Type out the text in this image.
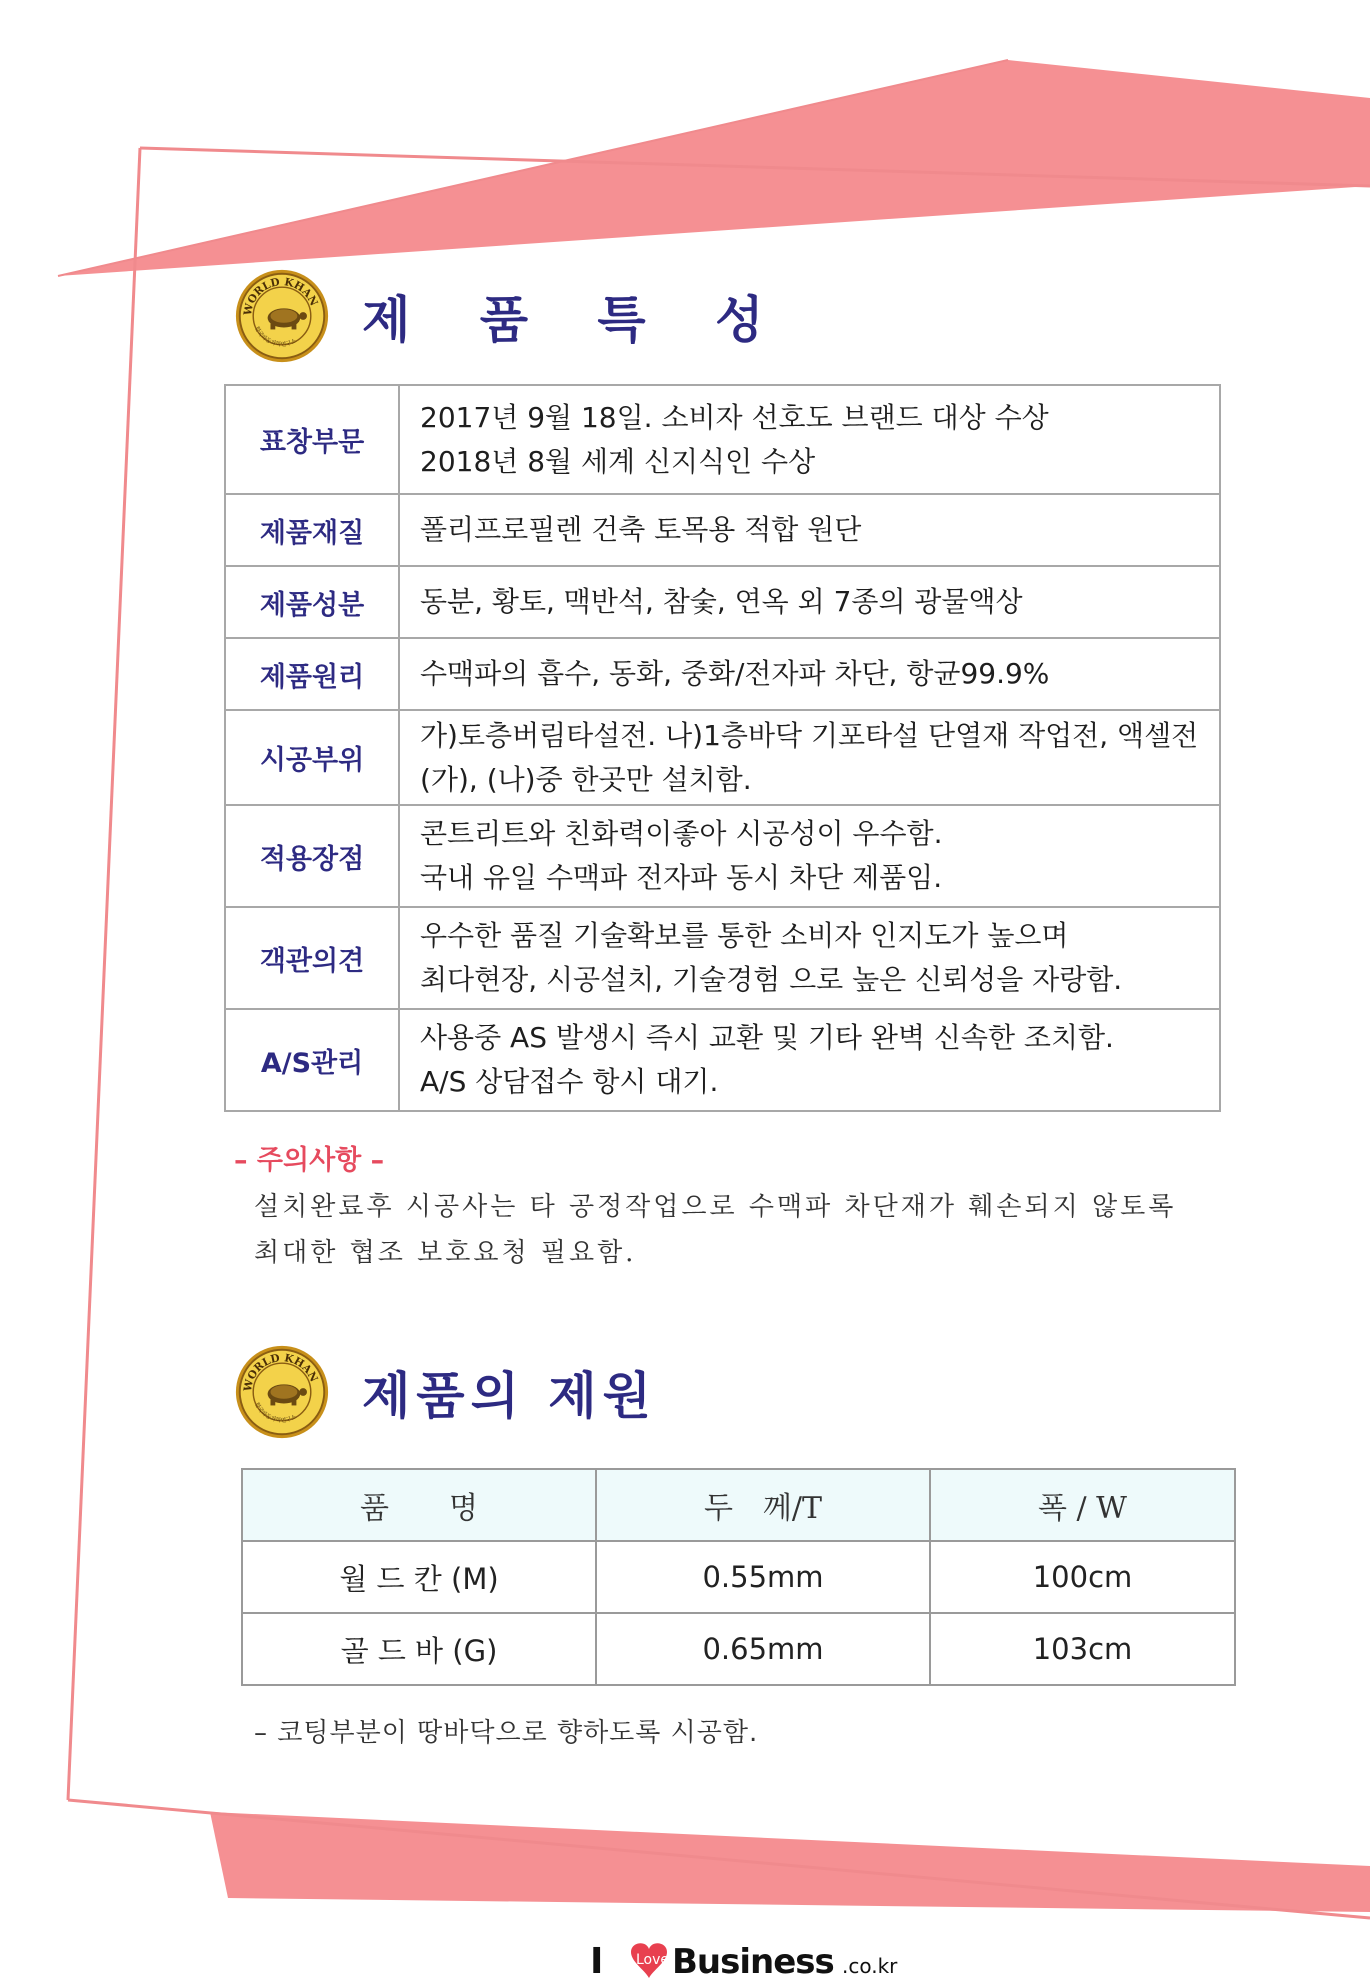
WORLD KHAN
한국파동과학연구소 제 품 특 성
표창부문	2017년 9월 18일. 소비자 선호도 브랜드 대상 수상
2018년 8월 세계 신지식인 수상

제품재질	폴리프로필렌 건축 토목용 적합 원단

제품성분	동분, 황토, 맥반석, 참숯, 연옥 외 7종의 광물액상

제품원리	수맥파의 흡수, 동화, 중화/전자파 차단, 항균99.9%

시공부위	가)토층버림타설전. 나)1층바닥 기포타설 단열재 작업전, 액셀전
(가), (나)중 한곳만 설치함.

적용장점	콘트리트와 친화력이좋아 시공성이 우수함.
국내 유일 수맥파 전자파 동시 차단 제품임.

객관의견	우수한 품질 기술확보를 통한 소비자 인지도가 높으며
최다현장, 시공설치, 기술경험 으로 높은 신뢰성을 자랑함.

A/S관리	사용중 AS 발생시 즉시 교환 및 기타 완벽 신속한 조치함.
A/S 상담접수 항시 대기.
– 주의사항 –
설치완료후 시공사는 타 공정작업으로 수맥파 차단재가 훼손되지 않토록
최대한 협조 보호요청 필요함.
WORLD KHAN
한국파동과학연구소 제품의 제원
품　　명	두　께/T	폭 / W
월 드 칸 (M)	0.55mm	100cm
골 드 바 (G)	0.65mm	103cm
– 코팅부분이 땅바닥으로 향하도록 시공함.
I Love Business .co.kr
